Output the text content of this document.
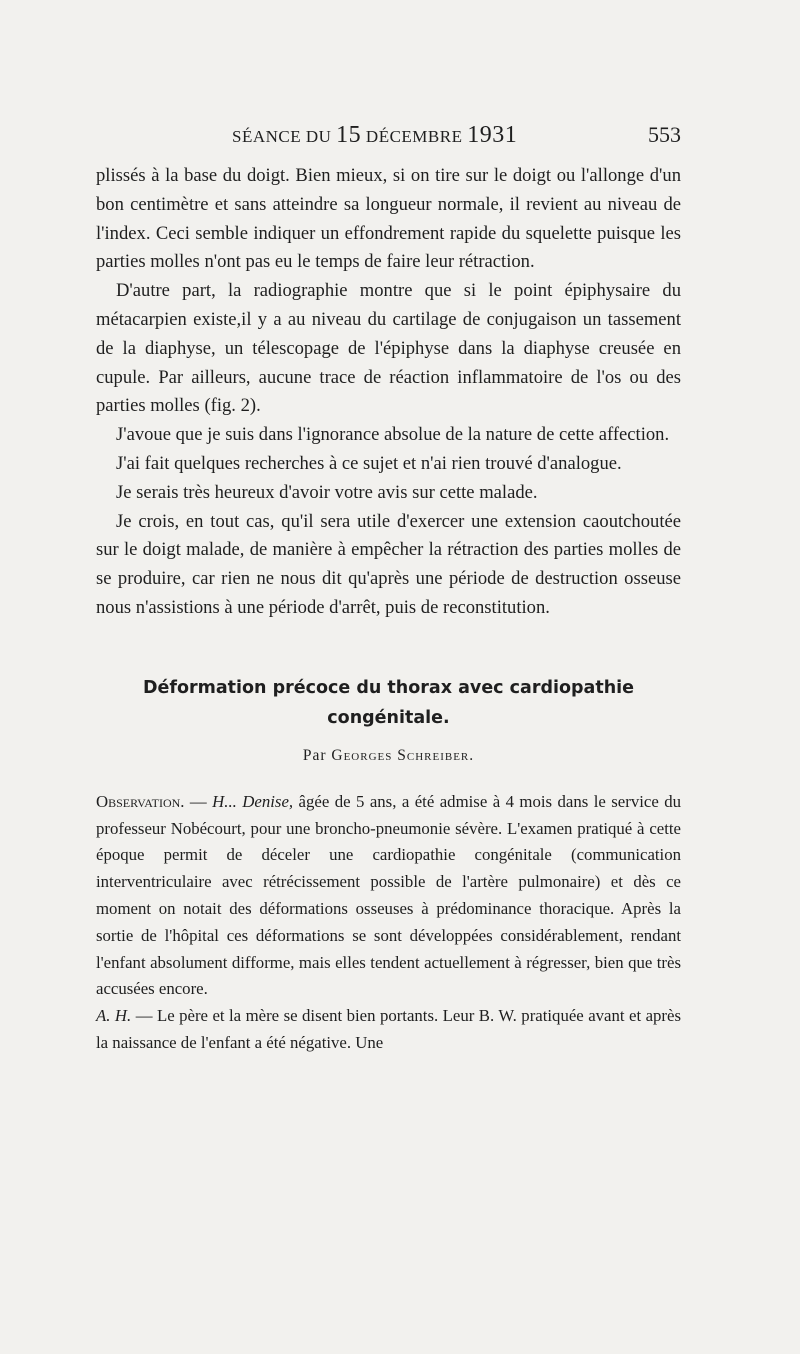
SÉANCE DU 15 DÉCEMBRE 1931	553

plissés à la base du doigt. Bien mieux, si on tire sur le doigt ou l'allonge d'un bon centimètre et sans atteindre sa longueur normale, il revient au niveau de l'index. Ceci semble indiquer un effondrement rapide du squelette puisque les parties molles n'ont pas eu le temps de faire leur rétraction.

D'autre part, la radiographie montre que si le point épiphysaire du métacarpien existe,il y a au niveau du cartilage de conjugaison un tassement de la diaphyse, un télescopage de l'épiphyse dans la diaphyse creusée en cupule. Par ailleurs, aucune trace de réaction inflammatoire de l'os ou des parties molles (fig. 2).

J'avoue que je suis dans l'ignorance absolue de la nature de cette affection.

J'ai fait quelques recherches à ce sujet et n'ai rien trouvé d'analogue.

Je serais très heureux d'avoir votre avis sur cette malade.

Je crois, en tout cas, qu'il sera utile d'exercer une extension caoutchoutée sur le doigt malade, de manière à empêcher la rétraction des parties molles de se produire, car rien ne nous dit qu'après une période de destruction osseuse nous n'assistions à une période d'arrêt, puis de reconstitution.

Déformation précoce du thorax avec cardiopathie
congénitale.
Par Georges Schreiber.

Observation. — H... Denise, âgée de 5 ans, a été admise à 4 mois dans le service du professeur Nobécourt, pour une broncho-pneumonie sévère. L'examen pratiqué à cette époque permit de déceler une cardiopathie congénitale (communication interventriculaire avec rétrécissement possible de l'artère pulmonaire) et dès ce moment on notait des déformations osseuses à prédominance thoracique. Après la sortie de l'hôpital ces déformations se sont développées considérablement, rendant l'enfant absolument difforme, mais elles tendent actuellement à régresser, bien que très accusées encore.

A. H. — Le père et la mère se disent bien portants. Leur B. W. pratiquée avant et après la naissance de l'enfant a été négative. Une
